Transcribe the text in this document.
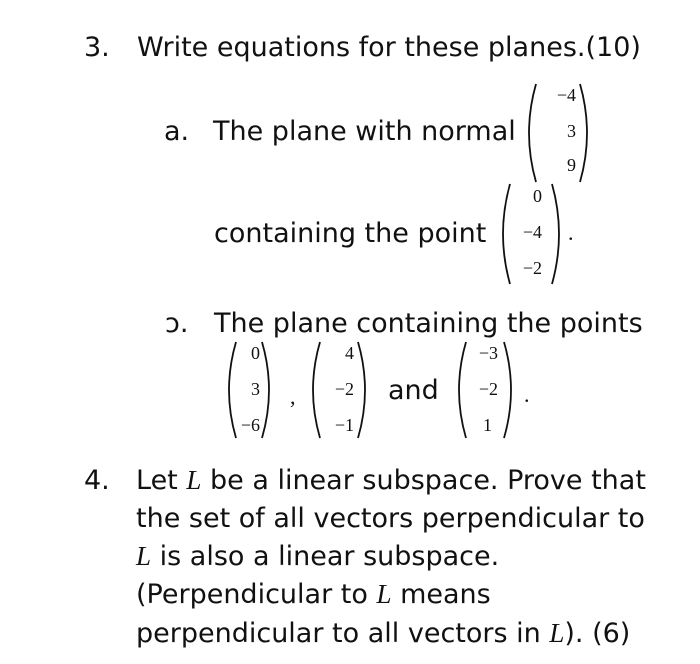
3. Write equations for these planes.(10)
a. The plane with normal
−4
3
9
containing the point
0
−4
−2
.
ɔ. The plane containing the points
0
3
−6
,
4
−2
−1
and
−3
−2
1
.
4. Let L be a linear subspace. Prove that
the set of all vectors perpendicular to
L is also a linear subspace.
(Perpendicular to L means
perpendicular to all vectors in L). (6)
